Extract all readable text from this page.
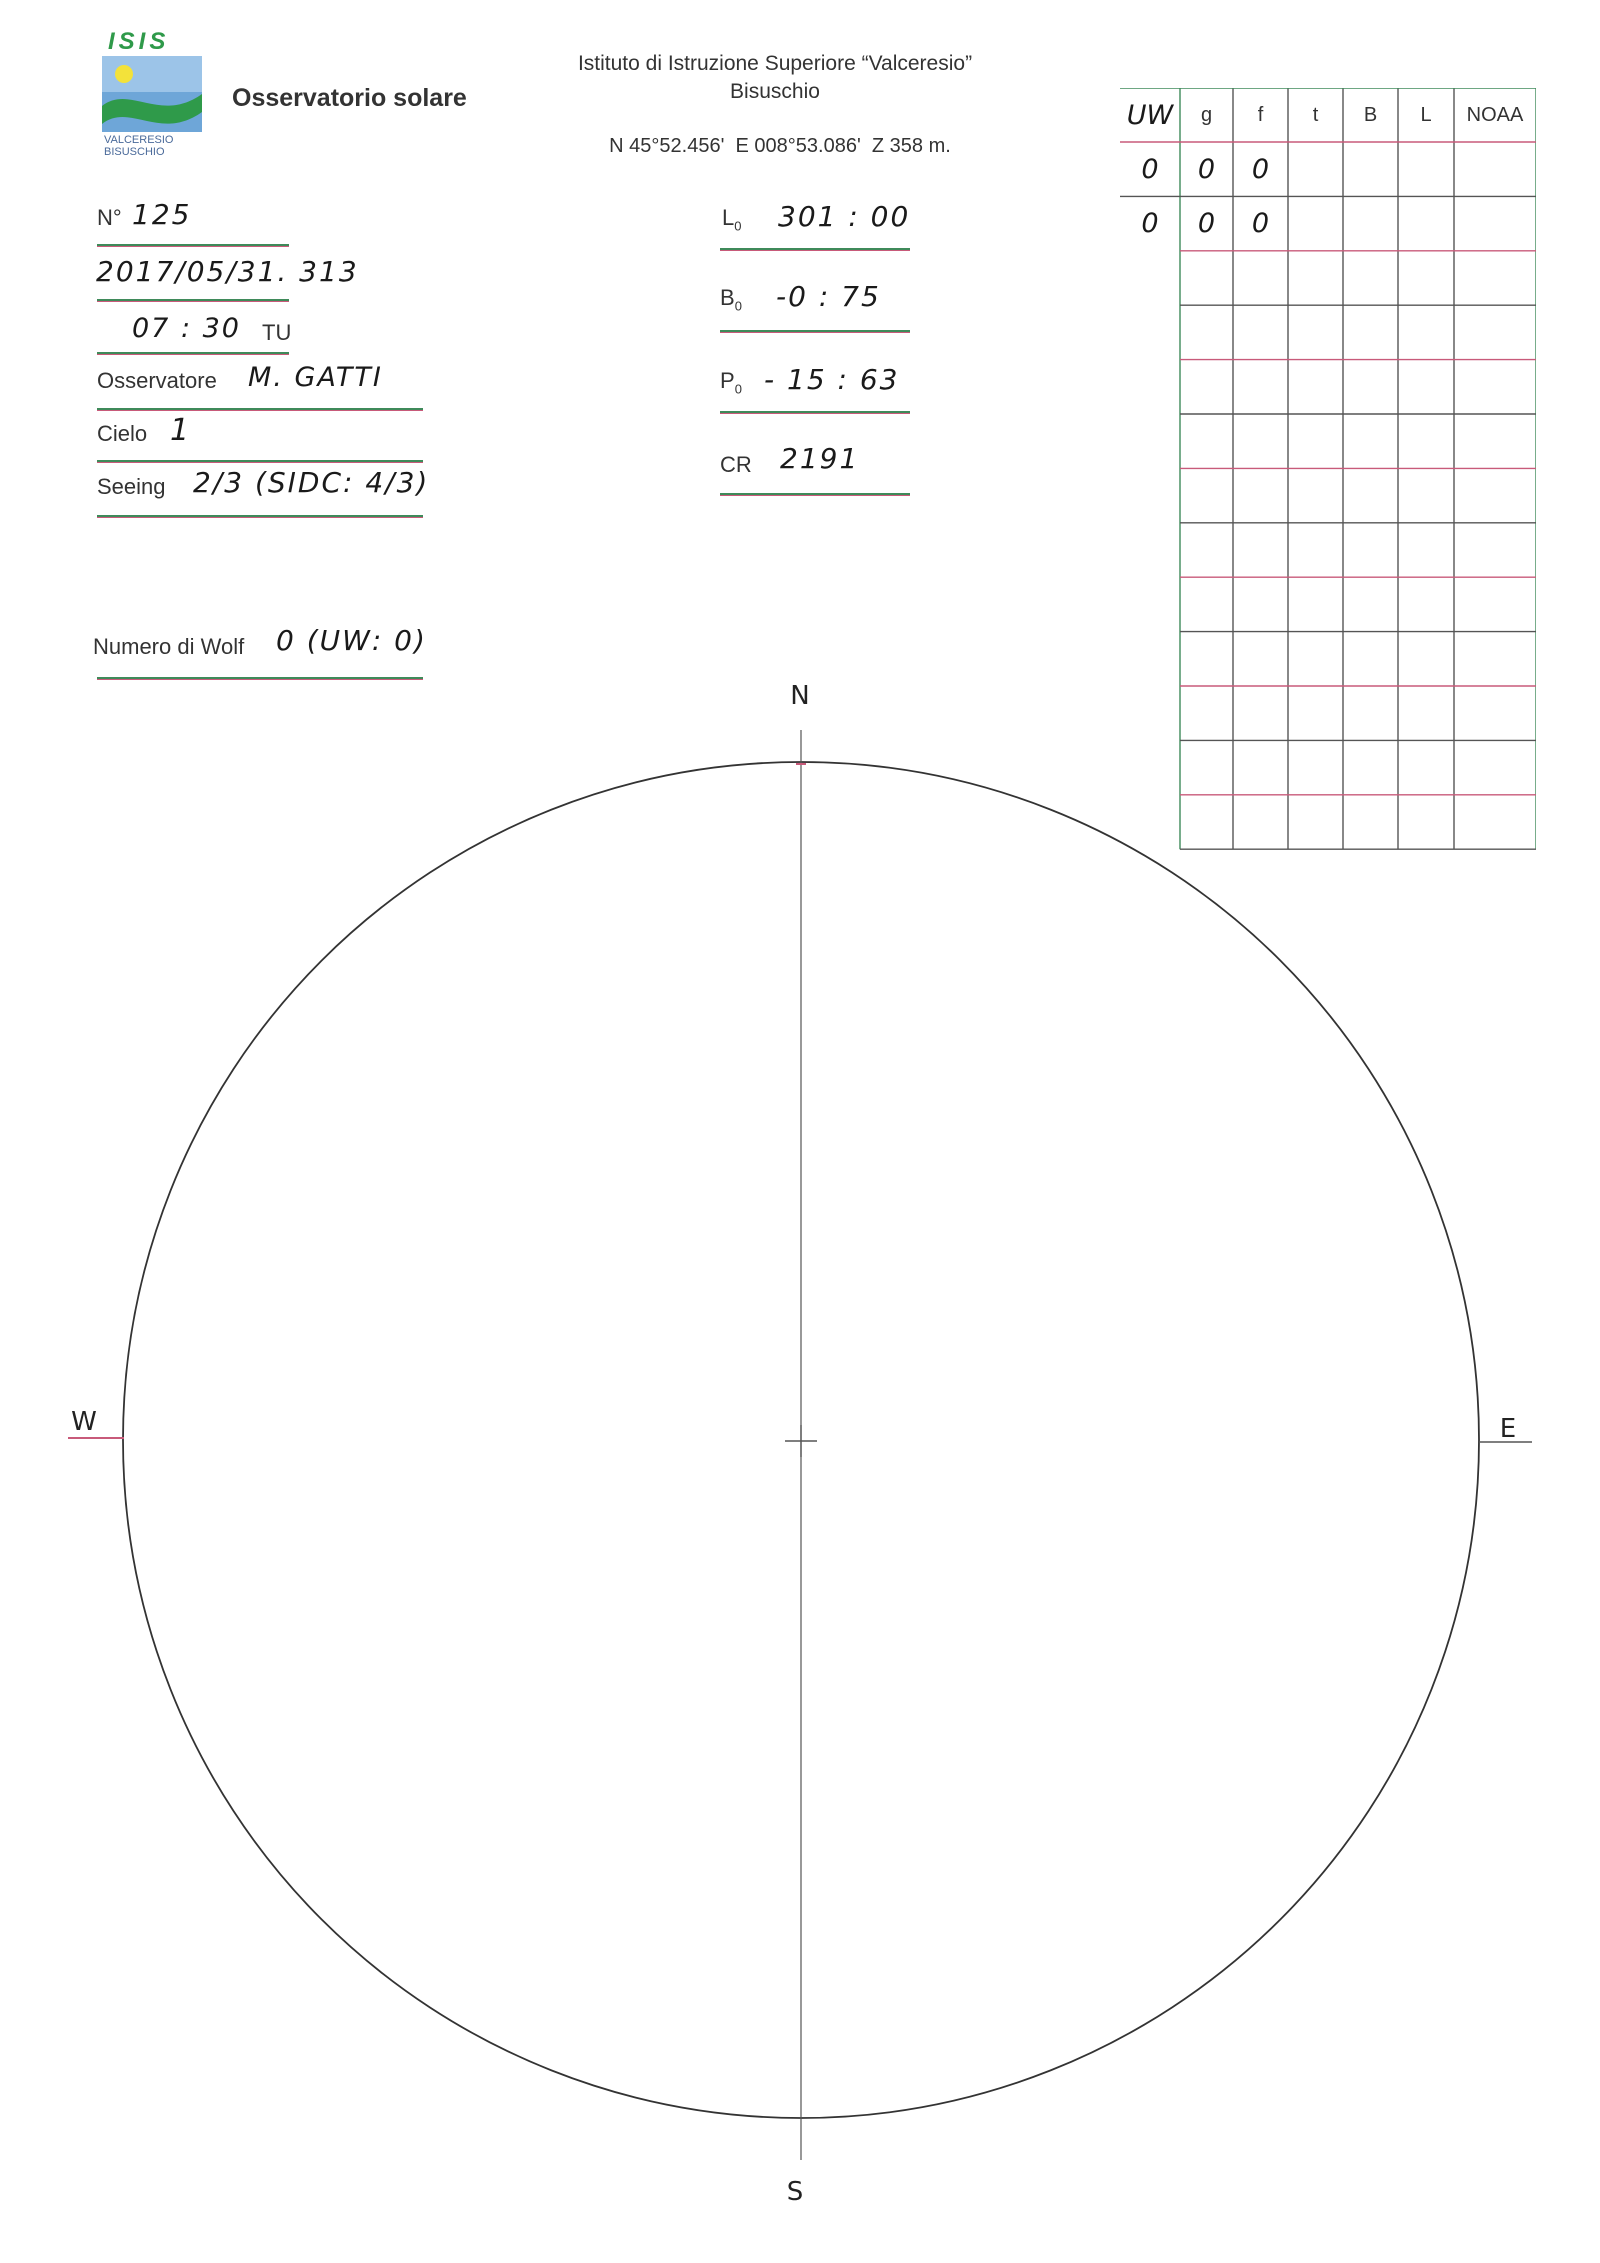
ISIS
VALCERESIO
BISUSCHIO
Osservatorio solare
Istituto di Istruzione Superiore “Valceresio”
Bisuschio
N 45°52.456'  E 008°53.086'  Z 358 m.
N° 125
2017/05/31. 313
07 : 30 TU
Osservatore M. GATTI
Cielo 1
Seeing 2/3 (SIDC: 4/3)
Numero di Wolf 0 (UW: 0)
$L_0$ 301 : 00
$B_0$ -0 : 75
$P_0 - 15$ : 63
CR 2191
UW	g	f	t	B	L	NOAA
0	0	0
0	0	0
N
S
W	E
